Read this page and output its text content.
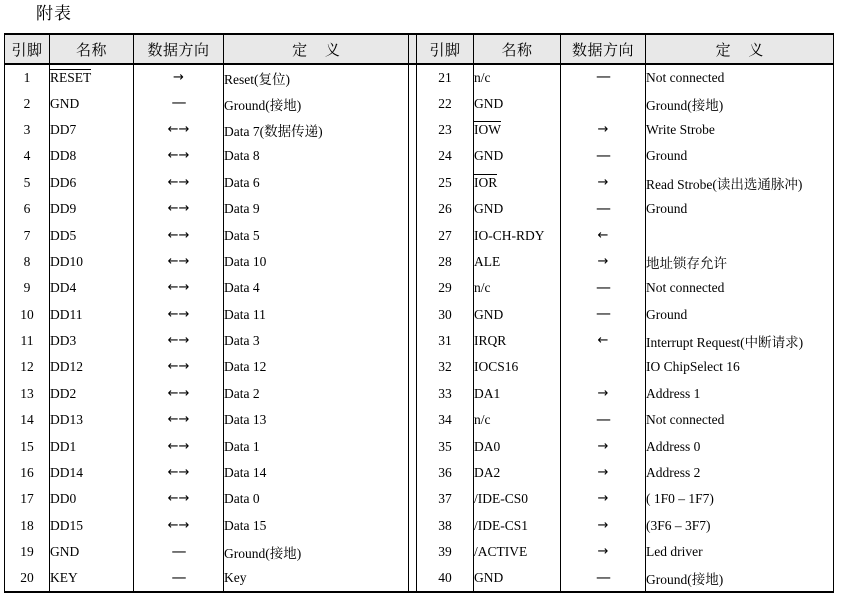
附表
引脚	名称	数据方向	定 义		引脚	名称	数据方向	定 义
1	RESET	→	Reset(复位)		21	n/c	—	Not connected
2	GND	—	Ground(接地)		22	GND		Ground(接地)
3	DD7	←→	Data 7(数据传递)		23	IOW	→	Write Strobe
4	DD8	←→	Data 8		24	GND	—	Ground
5	DD6	←→	Data 6		25	IOR	→	Read Strobe(读出选通脉冲)
6	DD9	←→	Data 9		26	GND	—	Ground
7	DD5	←→	Data 5		27	IO-CH-RDY	←	
8	DD10	←→	Data 10		28	ALE	→	地址锁存允许
9	DD4	←→	Data 4		29	n/c	—	Not connected
10	DD11	←→	Data 11		30	GND	—	Ground
11	DD3	←→	Data 3		31	IRQR	←	Interrupt Request(中断请求)
12	DD12	←→	Data 12		32	IOCS16		IO ChipSelect 16
13	DD2	←→	Data 2		33	DA1	→	Address 1
14	DD13	←→	Data 13		34	n/c	—	Not connected
15	DD1	←→	Data 1		35	DA0	→	Address 0
16	DD14	←→	Data 14		36	DA2	→	Address 2
17	DD0	←→	Data 0		37	/IDE-CS0	→	( 1F0 – 1F7)
18	DD15	←→	Data 15		38	/IDE-CS1	→	(3F6 – 3F7)
19	GND	—	Ground(接地)		39	/ACTIVE	→	Led driver
20	KEY	—	Key		40	GND	—	Ground(接地)
